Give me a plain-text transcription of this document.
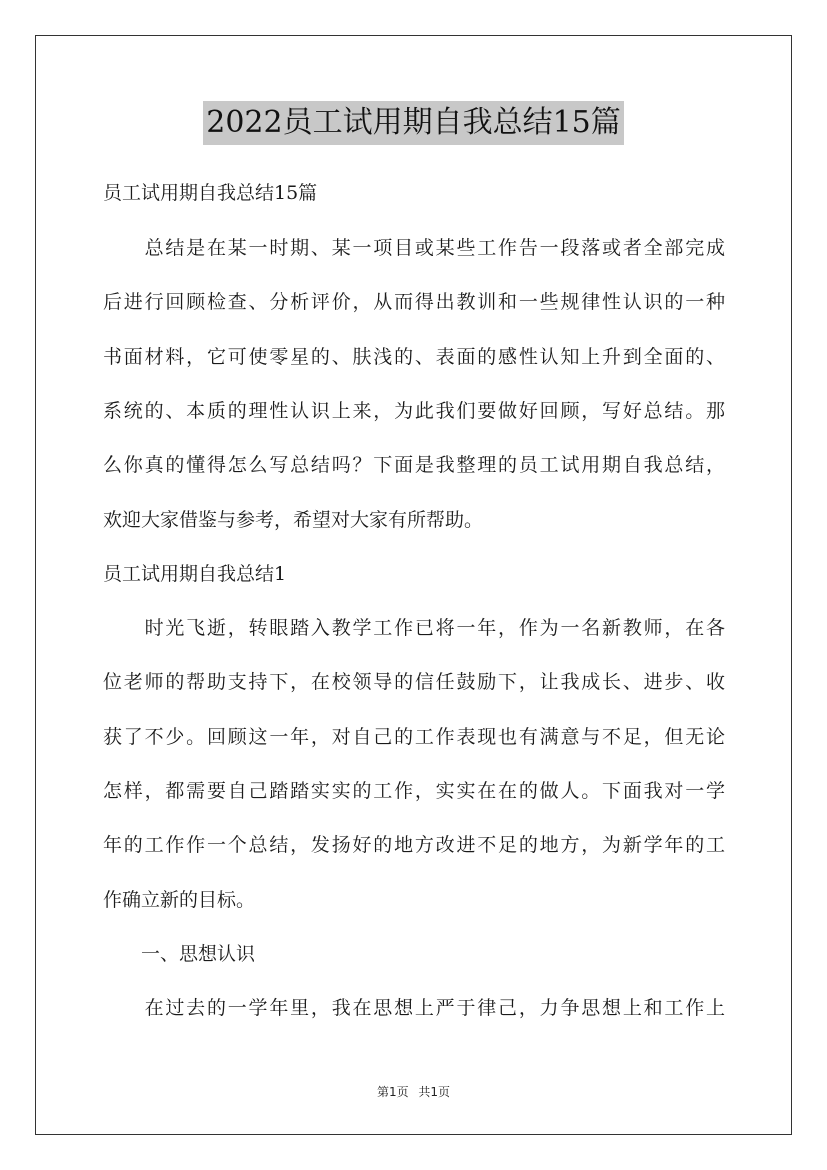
2022员工试用期自我总结15篇
员工试用期自我总结15篇
　　总结是在某一时期、某一项目或某些工作告一段落或者全部完成
后进行回顾检查、分析评价，从而得出教训和一些规律性认识的一种
书面材料，它可使零星的、肤浅的、表面的感性认知上升到全面的、
系统的、本质的理性认识上来，为此我们要做好回顾，写好总结。那
么你真的懂得怎么写总结吗？下面是我整理的员工试用期自我总结，
欢迎大家借鉴与参考，希望对大家有所帮助。
员工试用期自我总结1
　　时光飞逝，转眼踏入教学工作已将一年，作为一名新教师，在各
位老师的帮助支持下，在校领导的信任鼓励下，让我成长、进步、收
获了不少。回顾这一年，对自己的工作表现也有满意与不足，但无论
怎样，都需要自己踏踏实实的工作，实实在在的做人。下面我对一学
年的工作作一个总结，发扬好的地方改进不足的地方，为新学年的工
作确立新的目标。
　　一、思想认识
　　在过去的一学年里，我在思想上严于律己，力争思想上和工作上
第1页 共1页
